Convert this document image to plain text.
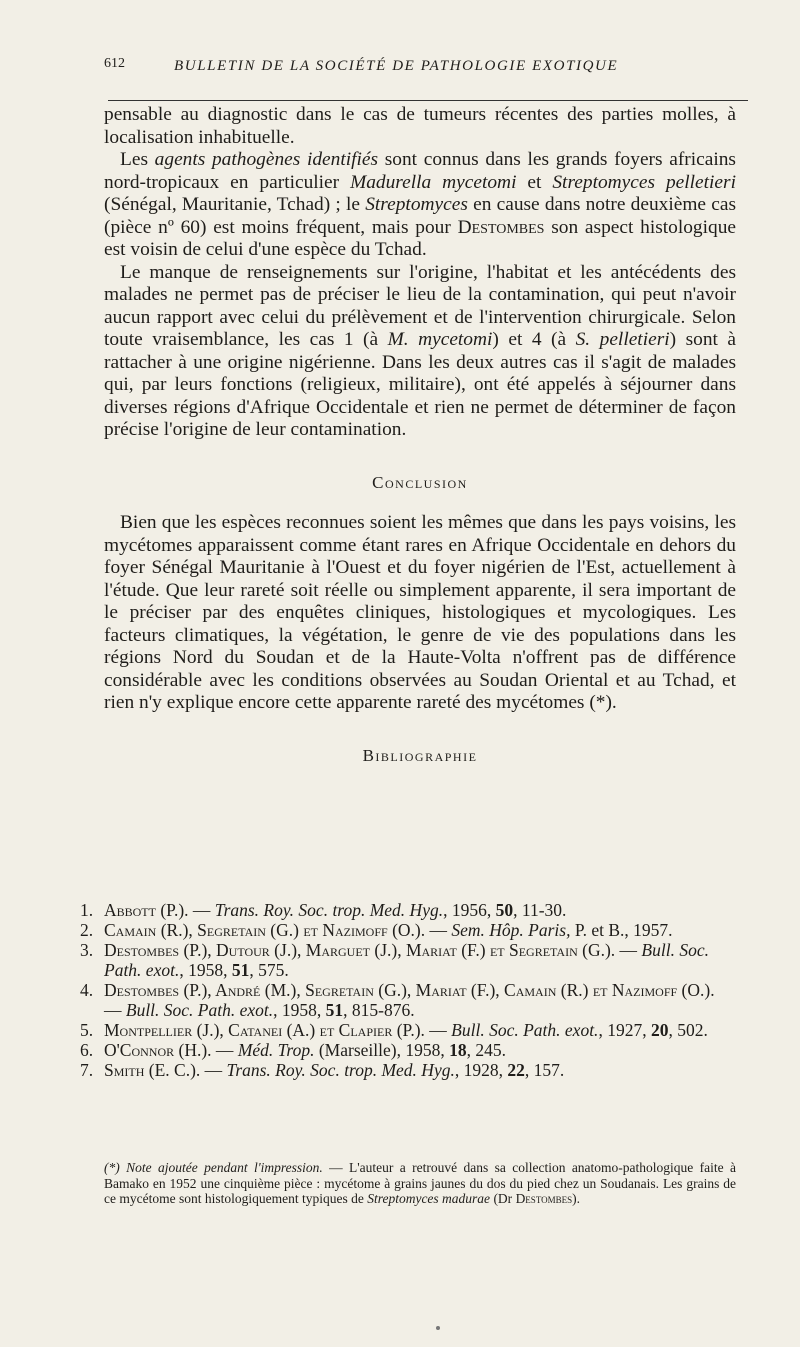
612	BULLETIN DE LA SOCIÉTÉ DE PATHOLOGIE EXOTIQUE

pensable au diagnostic dans le cas de tumeurs récentes des parties molles, à localisation inhabituelle.

Les agents pathogènes identifiés sont connus dans les grands foyers africains nord-tropicaux en particulier Madurella mycetomi et Streptomyces pelletieri (Sénégal, Mauritanie, Tchad) ; le Streptomyces en cause dans notre deuxième cas (pièce nº 60) est moins fréquent, mais pour Destombes son aspect histologique est voisin de celui d'une espèce du Tchad.

Le manque de renseignements sur l'origine, l'habitat et les antécédents des malades ne permet pas de préciser le lieu de la contamination, qui peut n'avoir aucun rapport avec celui du prélèvement et de l'intervention chirurgicale. Selon toute vraisemblance, les cas 1 (à M. mycetomi) et 4 (à S. pelletieri) sont à rattacher à une origine nigérienne. Dans les deux autres cas il s'agit de malades qui, par leurs fonctions (religieux, militaire), ont été appelés à séjourner dans diverses régions d'Afrique Occidentale et rien ne permet de déterminer de façon précise l'origine de leur contamination.

Conclusion

Bien que les espèces reconnues soient les mêmes que dans les pays voisins, les mycétomes apparaissent comme étant rares en Afrique Occidentale en dehors du foyer Sénégal Mauritanie à l'Ouest et du foyer nigérien de l'Est, actuellement à l'étude. Que leur rareté soit réelle ou simplement apparente, il sera important de le préciser par des enquêtes cliniques, histologiques et mycologiques. Les facteurs climatiques, la végétation, le genre de vie des populations dans les régions Nord du Soudan et de la Haute-Volta n'offrent pas de différence considérable avec les conditions observées au Soudan Oriental et au Tchad, et rien n'y explique encore cette apparente rareté des mycétomes (*).

Bibliographie

1. Abbott (P.). — Trans. Roy. Soc. trop. Med. Hyg., 1956, 50, 11-30.

2. Camain (R.), Segretain (G.) et Nazimoff (O.). — Sem. Hôp. Paris, P. et B., 1957.

3. Destombes (P.), Dutour (J.), Marguet (J.), Mariat (F.) et Segretain (G.). — Bull. Soc. Path. exot., 1958, 51, 575.

4. Destombes (P.), André (M.), Segretain (G.), Mariat (F.), Camain (R.) et Nazimoff (O.). — Bull. Soc. Path. exot., 1958, 51, 815-876.

5. Montpellier (J.), Catanei (A.) et Clapier (P.). — Bull. Soc. Path. exot., 1927, 20, 502.

6. O'Connor (H.). — Méd. Trop. (Marseille), 1958, 18, 245.

7. Smith (E. C.). — Trans. Roy. Soc. trop. Med. Hyg., 1928, 22, 157.

(*) Note ajoutée pendant l'impression. — L'auteur a retrouvé dans sa collection anatomo-pathologique faite à Bamako en 1952 une cinquième pièce : mycétome à grains jaunes du dos du pied chez un Soudanais. Les grains de ce mycétome sont histologiquement typiques de Streptomyces madurae (Dr Destombes).
